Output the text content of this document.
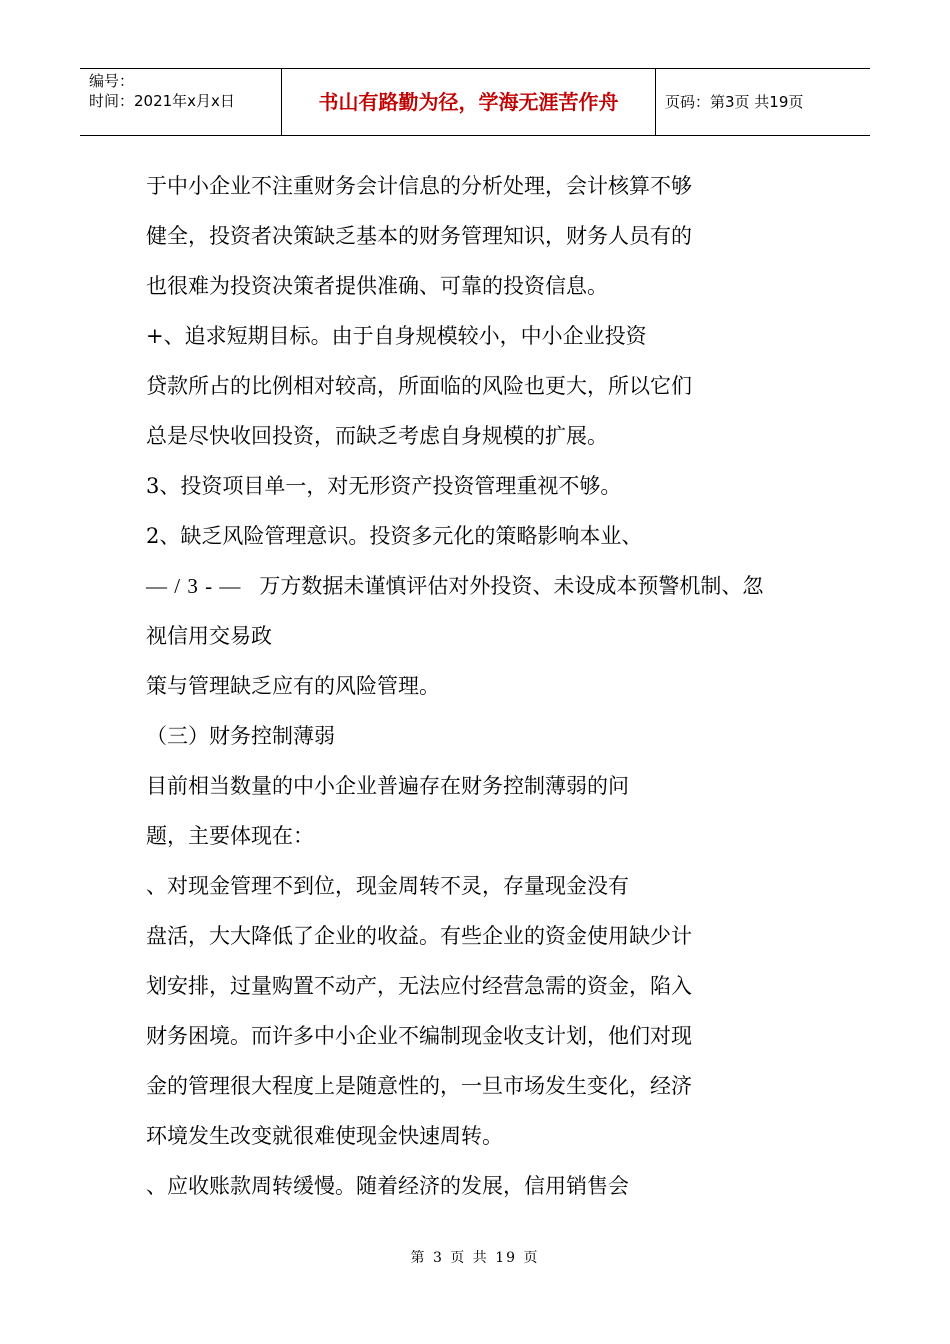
编号：
时间：2021年x月x日	书山有路勤为径，学海无涯苦作舟	页码：第3页 共19页
于中小企业不注重财务会计信息的分析处理，会计核算不够
健全，投资者决策缺乏基本的财务管理知识，财务人员有的
也很难为投资决策者提供准确、可靠的投资信息。
+、追求短期目标。由于自身规模较小，中小企业投资
贷款所占的比例相对较高，所面临的风险也更大，所以它们
总是尽快收回投资，而缺乏考虑自身规模的扩展。
3、投资项目单一，对无形资产投资管理重视不够。
2、缺乏风险管理意识。投资多元化的策略影响本业、
— / 3 - — 万方数据未谨慎评估对外投资、未设成本预警机制、忽
视信用交易政
策与管理缺乏应有的风险管理。
（三）财务控制薄弱
目前相当数量的中小企业普遍存在财务控制薄弱的问
题，主要体现在：
、对现金管理不到位，现金周转不灵，存量现金没有
盘活，大大降低了企业的收益。有些企业的资金使用缺少计
划安排，过量购置不动产，无法应付经营急需的资金，陷入
财务困境。而许多中小企业不编制现金收支计划，他们对现
金的管理很大程度上是随意性的，一旦市场发生变化，经济
环境发生改变就很难使现金快速周转。
、应收账款周转缓慢。随着经济的发展，信用销售会
第 3 页 共 19 页
